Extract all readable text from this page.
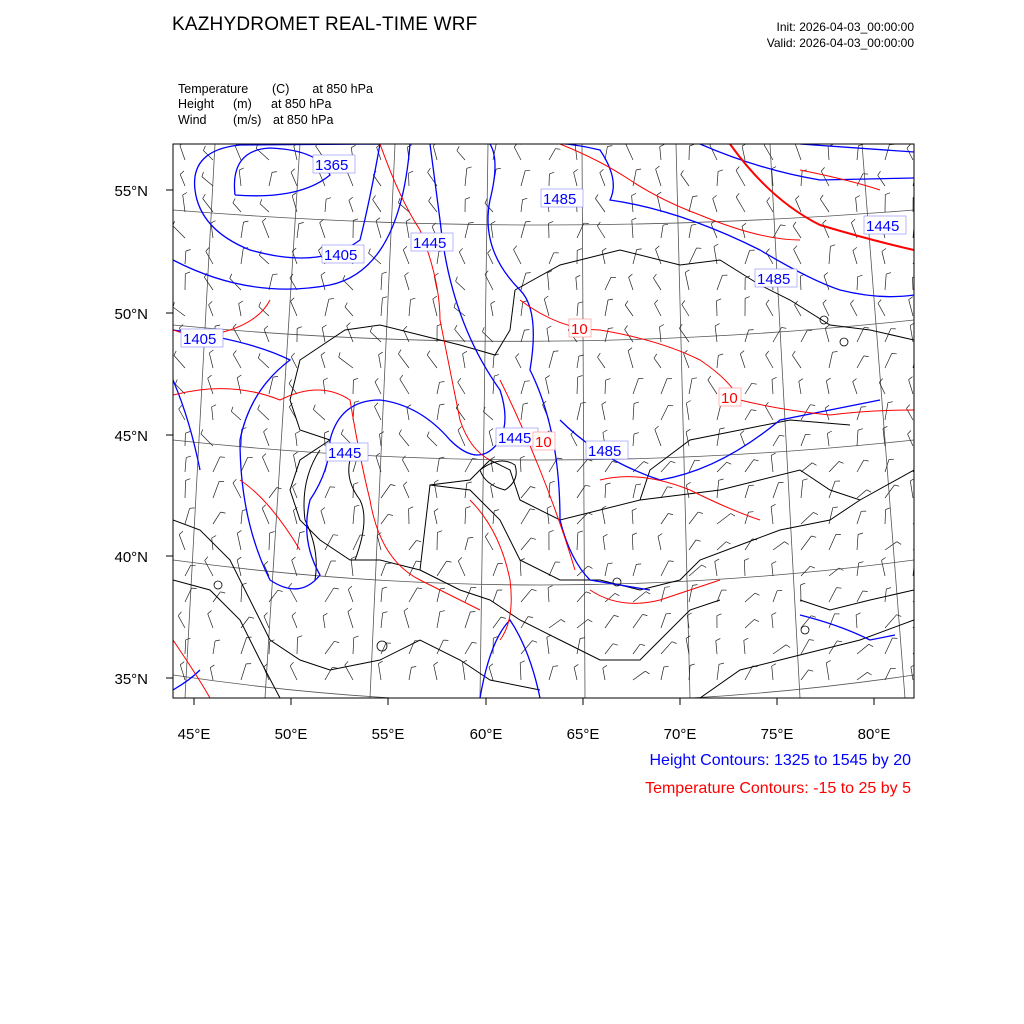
KAZHYDROMET REAL-TIME WRF	Init: 2026-04-03_00:00:00
Valid: 2026-04-03_00:00:00
Temperature (C) at 850 hPa
Height (m) at 850 hPa
Wind (m/s) at 850 hPa
55°N
50°N
45°N
40°N
35°N
45°E	50°E	55°E	60°E	65°E	70°E	75°E	80°E
1365
1485
1445
1405
1445
1485
1405
1445
1445
1485
10
10
10
Height Contours: 1325 to 1545 by 20
Temperature Contours: -15 to 25 by 5
